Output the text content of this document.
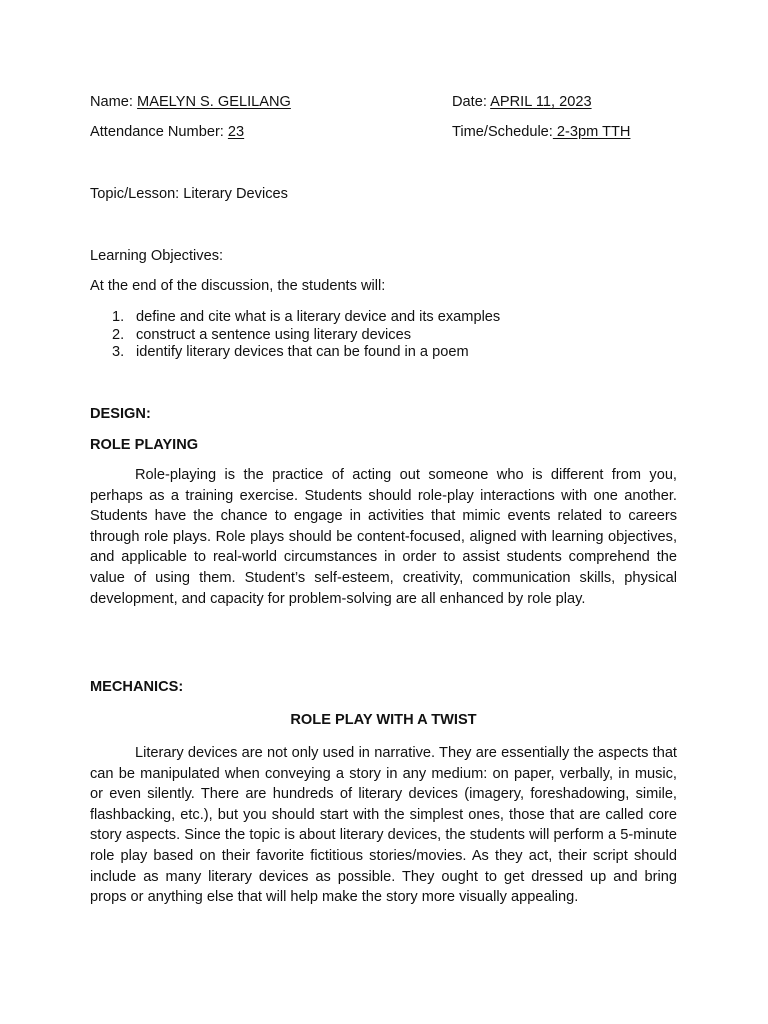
Name: MAELYN S. GELILANG	Date: APRIL 11, 2023
Attendance Number: 23	Time/Schedule: 2-3pm TTH
Topic/Lesson: Literary Devices
Learning Objectives:
At the end of the discussion, the students will:
1. define and cite what is a literary device and its examples
2. construct a sentence using literary devices
3. identify literary devices that can be found in a poem
DESIGN:
ROLE PLAYING

Role-playing is the practice of acting out someone who is different from you, perhaps as a training exercise. Students should role-play interactions with one another. Students have the chance to engage in activities that mimic events related to careers through role plays. Role plays should be content-focused, aligned with learning objectives, and applicable to real-world circumstances in order to assist students comprehend the value of using them. Student’s self-esteem, creativity, communication skills, physical development, and capacity for problem-solving are all enhanced by role play.

MECHANICS:
ROLE PLAY WITH A TWIST

Literary devices are not only used in narrative. They are essentially the aspects that can be manipulated when conveying a story in any medium: on paper, verbally, in music, or even silently. There are hundreds of literary devices (imagery, foreshadowing, simile, flashbacking, etc.), but you should start with the simplest ones, those that are called core story aspects. Since the topic is about literary devices, the students will perform a 5-minute role play based on their favorite fictitious stories/movies. As they act, their script should include as many literary devices as possible. They ought to get dressed up and bring props or anything else that will help make the story more visually appealing.
